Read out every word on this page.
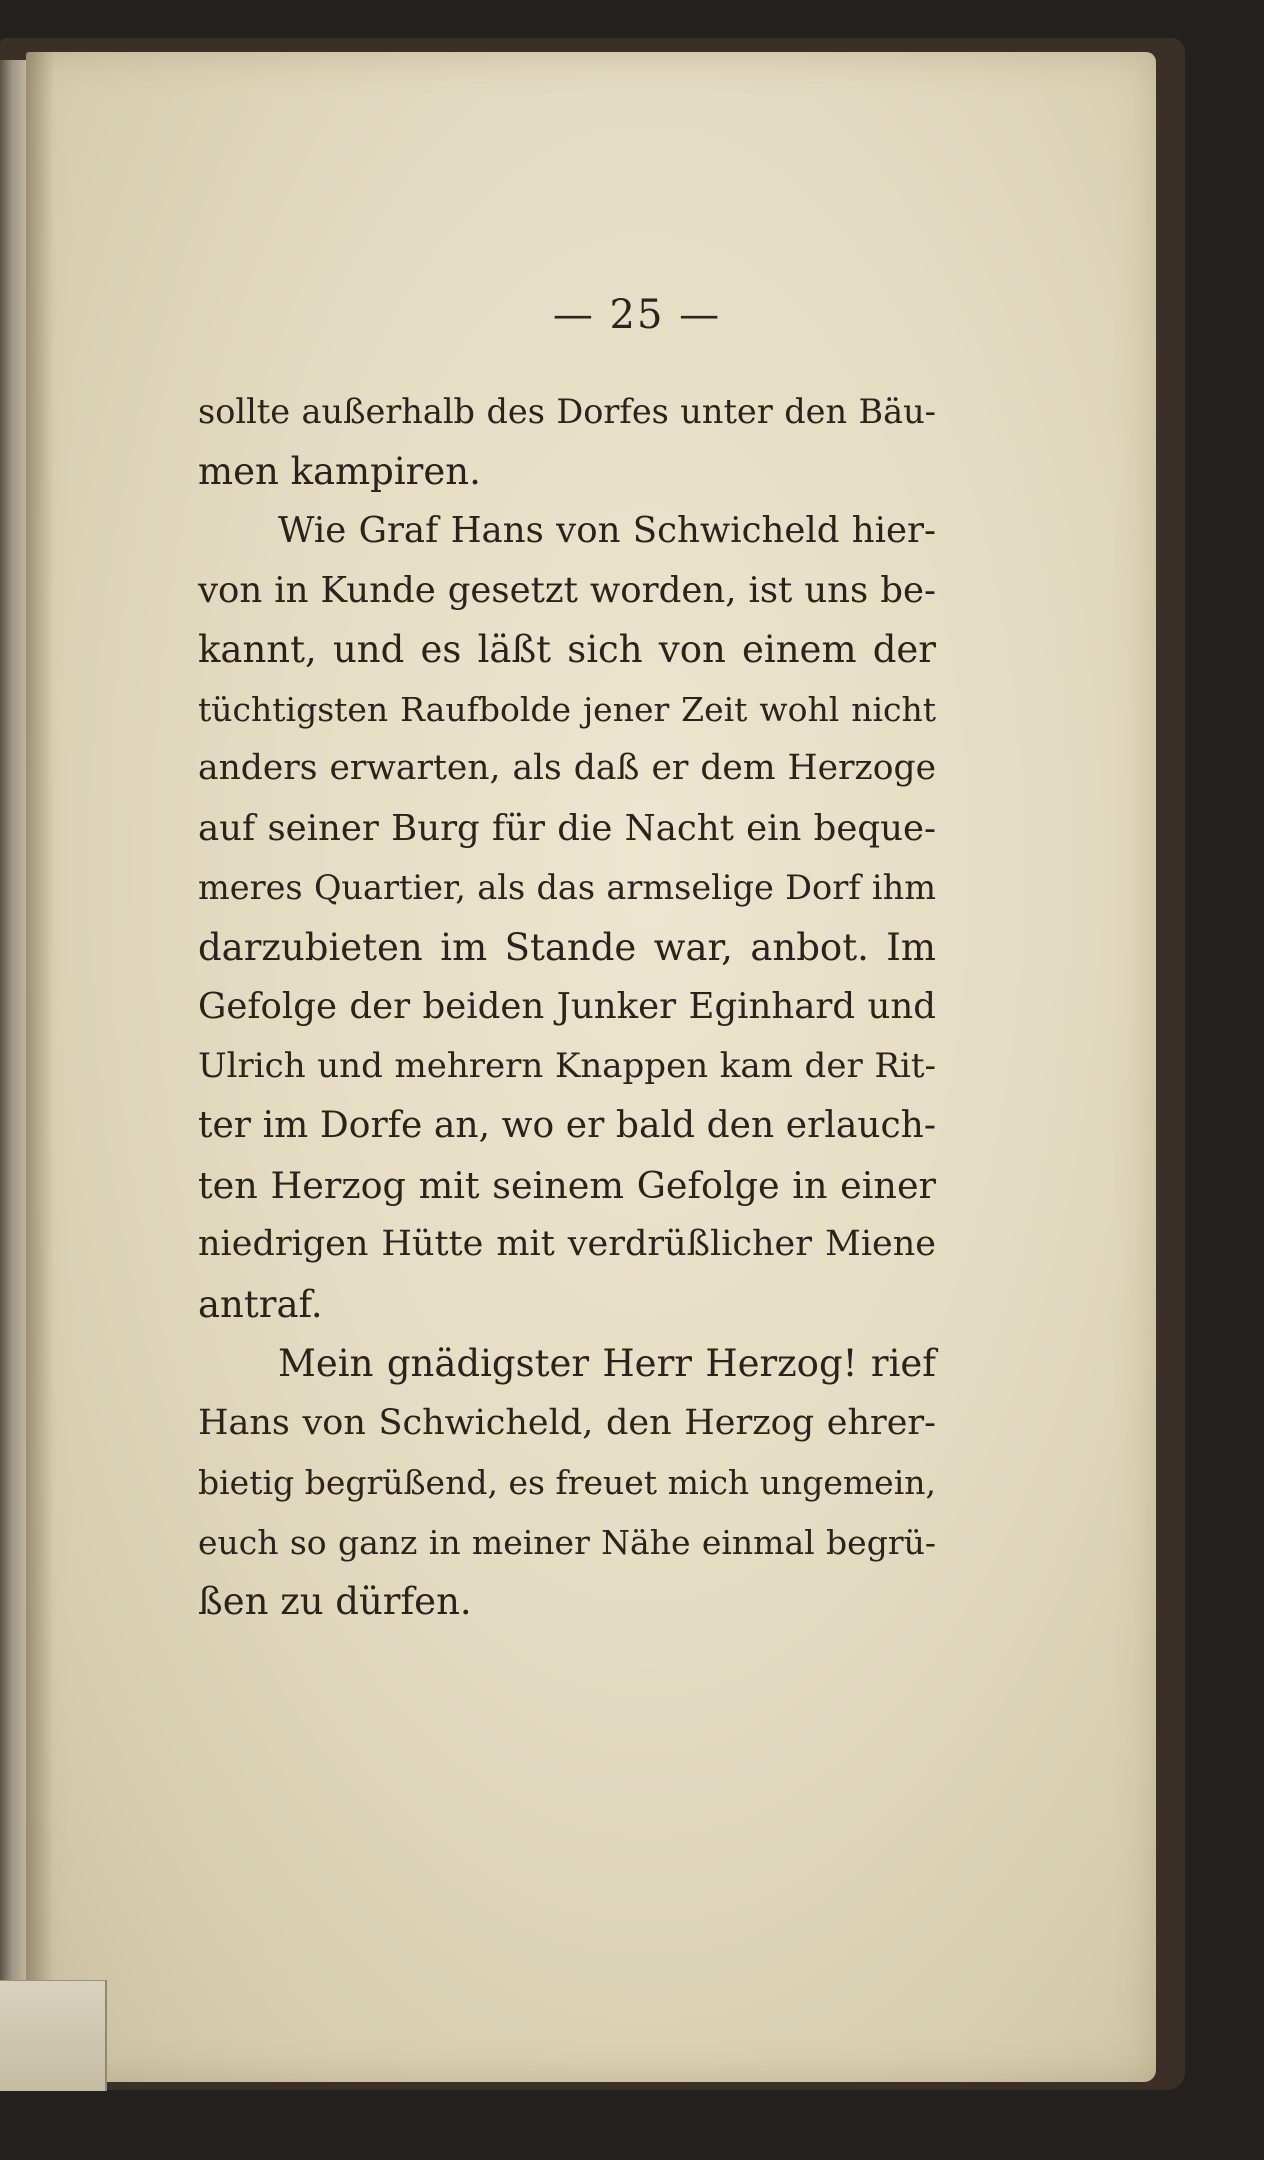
— 25 —
sollte außerhalb des Dorfes unter den Bäu-
men kampiren.
Wie Graf Hans von Schwicheld hier-
von in Kunde gesetzt worden, ist uns be-
kannt, und es läßt sich von einem der
tüchtigsten Raufbolde jener Zeit wohl nicht
anders erwarten, als daß er dem Herzoge
auf seiner Burg für die Nacht ein beque-
meres Quartier, als das armselige Dorf ihm
darzubieten im Stande war, anbot. Im
Gefolge der beiden Junker Eginhard und
Ulrich und mehrern Knappen kam der Rit-
ter im Dorfe an, wo er bald den erlauch-
ten Herzog mit seinem Gefolge in einer
niedrigen Hütte mit verdrüßlicher Miene
antraf.
Mein gnädigster Herr Herzog! rief
Hans von Schwicheld, den Herzog ehrer-
bietig begrüßend, es freuet mich ungemein,
euch so ganz in meiner Nähe einmal begrü-
ßen zu dürfen.
